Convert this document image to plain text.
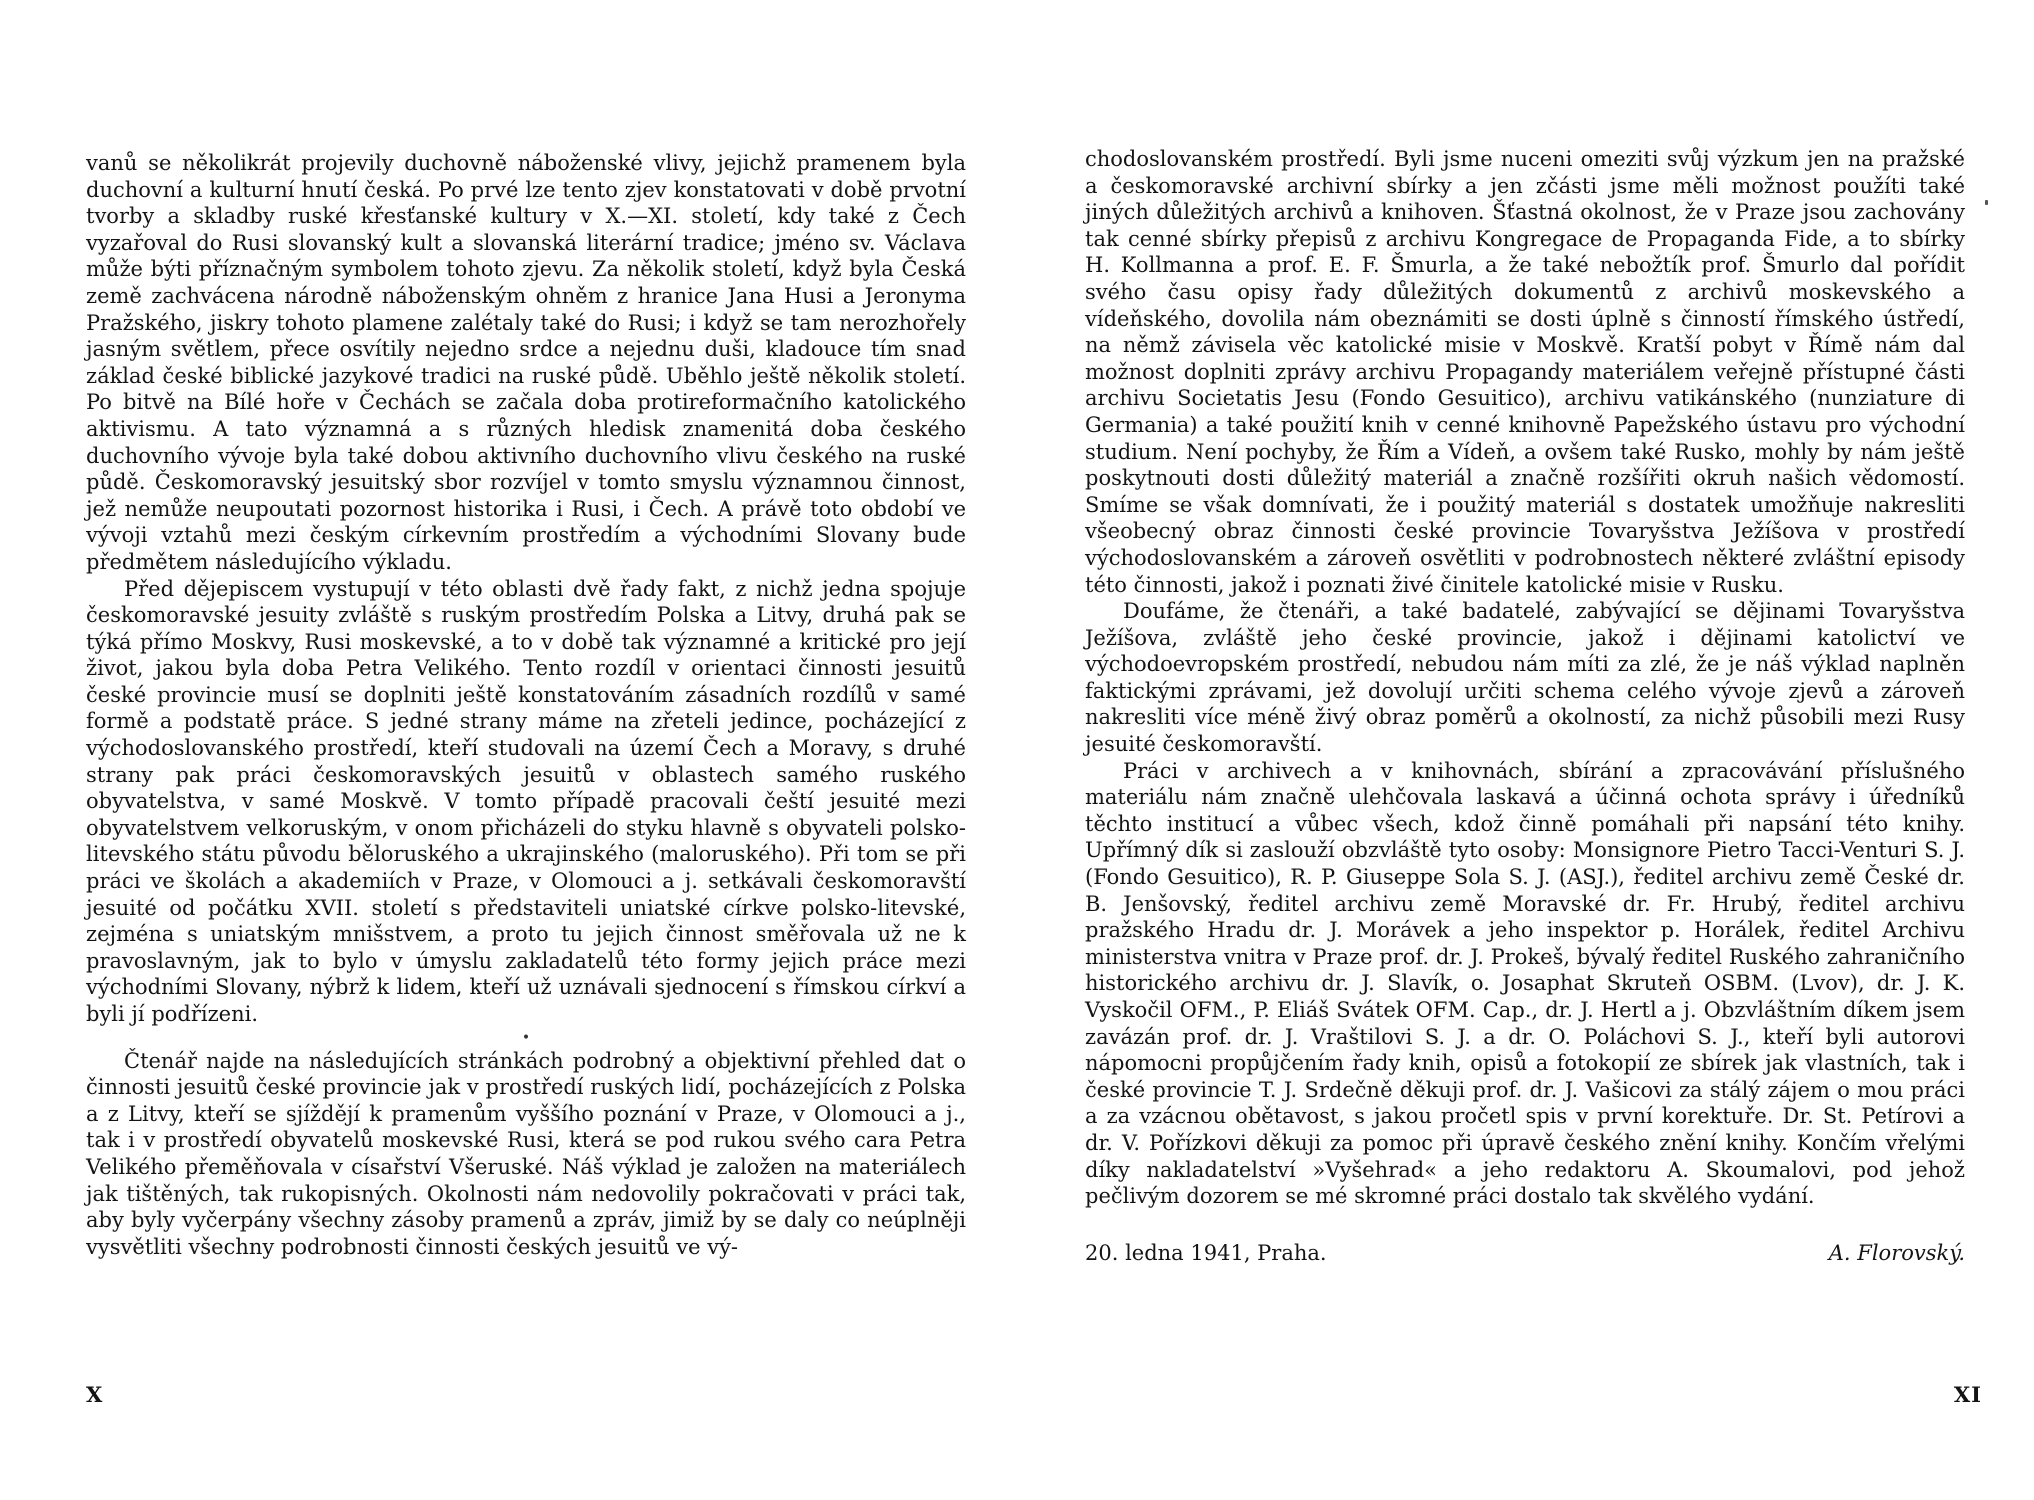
vanů se několikrát projevily duchovně náboženské vlivy, jejichž pramenem byla duchovní a kulturní hnutí česká. Po prvé lze tento zjev konstatovati v době prvotní tvorby a skladby ruské křesťanské kultury v X.—XI. století, kdy také z Čech vyzařoval do Rusi slovanský kult a slovanská literární tradice; jméno sv. Václava může býti příznačným symbolem tohoto zjevu. Za několik století, když byla Česká země zachvácena národně náboženským ohněm z hranice Jana Husi a Jeronyma Pražského, jiskry tohoto plamene zalétaly také do Rusi; i když se tam nerozhořely jasným světlem, přece osvítily nejedno srdce a nejednu duši, kladouce tím snad základ české biblické jazykové tradici na ruské půdě. Uběhlo ještě několik století. Po bitvě na Bílé hoře v Čechách se začala doba protireformačního katolického aktivismu. A tato významná a s různých hledisk znamenitá doba českého duchovního vývoje byla také dobou aktivního duchovního vlivu českého na ruské půdě. Českomoravský jesuitský sbor rozvíjel v tomto smyslu významnou činnost, jež nemůže neupoutati pozornost historika i Rusi, i Čech. A právě toto období ve vývoji vztahů mezi českým církevním prostředím a východními Slovany bude předmětem následujícího výkladu.

Před dějepiscem vystupují v této oblasti dvě řady fakt, z nichž jedna spojuje českomoravské jesuity zvláště s ruským prostředím Polska a Litvy, druhá pak se týká přímo Moskvy, Rusi moskevské, a to v době tak významné a kritické pro její život, jakou byla doba Petra Velikého. Tento rozdíl v orientaci činnosti jesuitů české provincie musí se doplniti ještě konstatováním zásadních rozdílů v samé formě a podstatě práce. S jedné strany máme na zřeteli jedince, pocházející z východoslovanského prostředí, kteří studovali na území Čech a Moravy, s druhé strany pak práci českomoravských jesuitů v oblastech samého ruského obyvatelstva, v samé Moskvě. V tomto případě pracovali čeští jesuité mezi obyvatelstvem velkoruským, v onom přicházeli do styku hlavně s obyvateli polsko-litevského státu původu běloruského a ukrajinského (maloruského). Při tom se při práci ve školách a akademiích v Praze, v Olomouci a j. setkávali českomoravští jesuité od počátku XVII. století s představiteli uniatské církve polsko-litevské, zejména s uniatským mnišstvem, a proto tu jejich činnost směřovala už ne k pravoslavným, jak to bylo v úmyslu zakladatelů této formy jejich práce mezi východními Slovany, nýbrž k lidem, kteří už uznávali sjednocení s římskou církví a byli jí podřízeni.

•

Čtenář najde na následujících stránkách podrobný a objektivní přehled dat o činnosti jesuitů české provincie jak v prostředí ruských lidí, pocházejících z Polska a z Litvy, kteří se sjíždějí k pramenům vyššího poznání v Praze, v Olomouci a j., tak i v prostředí obyvatelů moskevské Rusi, která se pod rukou svého cara Petra Velikého přeměňovala v císařství Všeruské. Náš výklad je založen na materiálech jak tištěných, tak rukopisných. Okolnosti nám nedovolily pokračovati v práci tak, aby byly vyčerpány všechny zásoby pramenů a zpráv, jimiž by se daly co neúplněji vysvětliti všechny podrobnosti činnosti českých jesuitů ve vý-

X

chodoslovanském prostředí. Byli jsme nuceni omeziti svůj výzkum jen na pražské a českomoravské archivní sbírky a jen zčásti jsme měli možnost použíti také jiných důležitých archivů a knihoven. Šťastná okolnost, že v Praze jsou zachovány tak cenné sbírky přepisů z archivu Kongregace de Propaganda Fide, a to sbírky H. Kollmanna a prof. E. F. Šmurla, a že také nebožtík prof. Šmurlo dal pořídit svého času opisy řady důležitých dokumentů z archivů moskevského a vídeňského, dovolila nám obeznámiti se dosti úplně s činností římského ústředí, na němž závisela věc katolické misie v Moskvě. Kratší pobyt v Římě nám dal možnost doplniti zprávy archivu Propagandy materiálem veřejně přístupné části archivu Societatis Jesu (Fondo Gesuitico), archivu vatikánského (nunziature di Germania) a také použití knih v cenné knihovně Papežského ústavu pro východní studium. Není pochyby, že Řím a Vídeň, a ovšem také Rusko, mohly by nám ještě poskytnouti dosti důležitý materiál a značně rozšířiti okruh našich vědomostí. Smíme se však domnívati, že i použitý materiál s dostatek umožňuje nakresliti všeobecný obraz činnosti české provincie Tovaryšstva Ježíšova v prostředí východoslovanském a zároveň osvětliti v podrobnostech některé zvláštní episody této činnosti, jakož i poznati živé činitele katolické misie v Rusku.

Doufáme, že čtenáři, a také badatelé, zabývající se dějinami Tovaryšstva Ježíšova, zvláště jeho české provincie, jakož i dějinami katolictví ve východoevropském prostředí, nebudou nám míti za zlé, že je náš výklad naplněn faktickými zprávami, jež dovolují určiti schema celého vývoje zjevů a zároveň nakresliti více méně živý obraz poměrů a okolností, za nichž působili mezi Rusy jesuité českomoravští.

Práci v archivech a v knihovnách, sbírání a zpracovávání příslušného materiálu nám značně ulehčovala laskavá a účinná ochota správy i úředníků těchto institucí a vůbec všech, kdož činně pomáhali při napsání této knihy. Upřímný dík si zaslouží obzvláště tyto osoby: Monsignore Pietro Tacci-Venturi S. J. (Fondo Gesuitico), R. P. Giuseppe Sola S. J. (ASJ.), ředitel archivu země České dr. B. Jenšovský, ředitel archivu země Moravské dr. Fr. Hrubý, ředitel archivu pražského Hradu dr. J. Morávek a jeho inspektor p. Horálek, ředitel Archivu ministerstva vnitra v Praze prof. dr. J. Prokeš, bývalý ředitel Ruského zahraničního historického archivu dr. J. Slavík, o. Josaphat Skruteň OSBM. (Lvov), dr. J. K. Vyskočil OFM., P. Eliáš Svátek OFM. Cap., dr. J. Hertl a j. Obzvláštním díkem jsem zavázán prof. dr. J. Vraštilovi S. J. a dr. O. Poláchovi S. J., kteří byli autorovi nápomocni propůjčením řady knih, opisů a fotokopií ze sbírek jak vlastních, tak i české provincie T. J. Srdečně děkuji prof. dr. J. Vašicovi za stálý zájem o mou práci a za vzácnou obětavost, s jakou pročetl spis v první korektuře. Dr. St. Petírovi a dr. V. Pořízkovi děkuji za pomoc při úpravě českého znění knihy. Končím vřelými díky nakladatelství »Vyšehrad« a jeho redaktoru A. Skoumalovi, pod jehož pečlivým dozorem se mé skromné práci dostalo tak skvělého vydání.

20. ledna 1941, Praha.	A. Florovský.
XI
